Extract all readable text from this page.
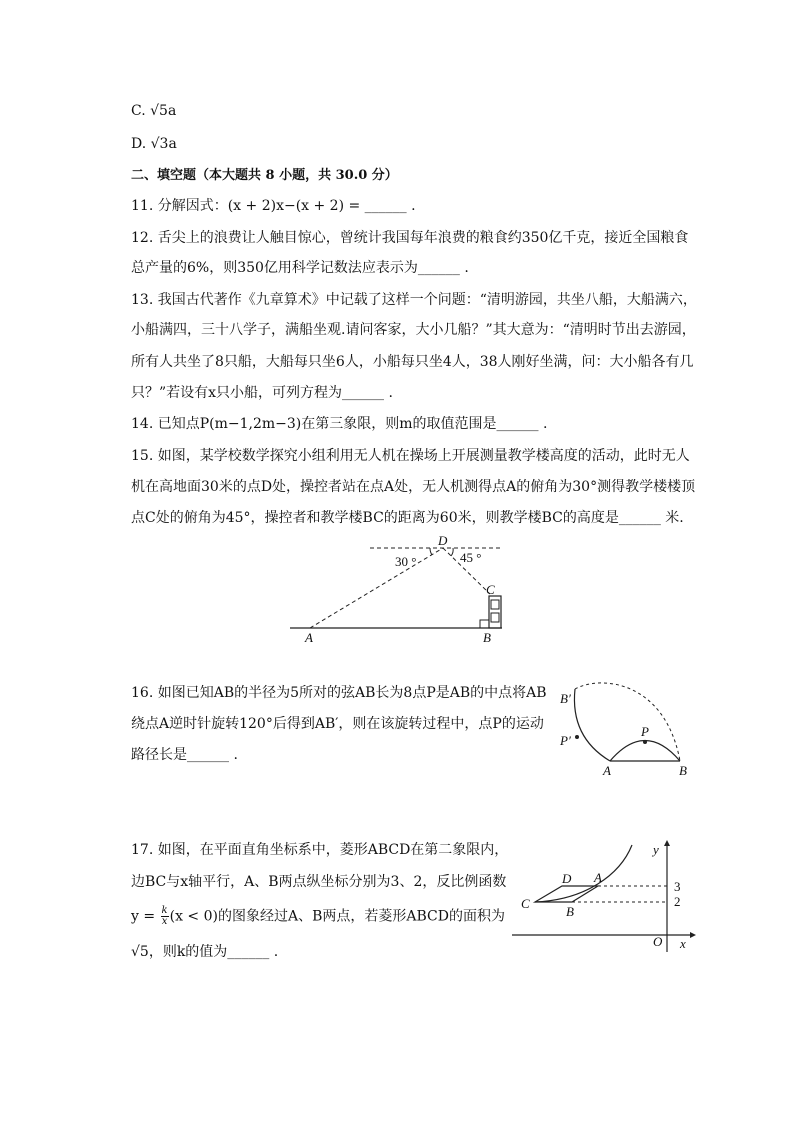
C. √5a
D. √3a
二、填空题（本大题共 8 小题，共 30.0 分）
11. 分解因式：(x + 2)x−(x + 2) = ______ .
12. 舌尖上的浪费让人触目惊心，曾统计我国每年浪费的粮食约350亿千克，接近全国粮食
总产量的6%，则350亿用科学记数法应表示为______ .
13. 我国古代著作《九章算术》中记载了这样一个问题：“清明游园，共坐八船，大船满六，
小船满四，三十八学子，满船坐观.请问客家，大小几船？”其大意为：“清明时节出去游园，
所有人共坐了8只船，大船每只坐6人，小船每只坐4人，38人刚好坐满，问：大小船各有几
只？”若设有x只小船，可列方程为______ .
14. 已知点P(m−1,2m−3)在第三象限，则m的取值范围是______ .
15. 如图，某学校数学探究小组利用无人机在操场上开展测量教学楼高度的活动，此时无人
机在高地面30米的点D处，操控者站在点A处，无人机测得点A的俯角为30°测得教学楼楼顶
点C处的俯角为45°，操控者和教学楼BC的距离为60米，则教学楼BC的高度是______ 米.
D
30 °	45 °
C
A	B
16. 如图已知AB的半径为5所对的弦AB长为8点P是AB的中点将AB
绕点A逆时针旋转120°后得到AB′，则在该旋转过程中，点P的运动
路径长是______ .
B′
P′
P
A	B
17. 如图，在平面直角坐标系中，菱形ABCD在第二象限内，
边BC与x轴平行，A、B两点纵坐标分别为3、2，反比例函数
$y = \frac{k}{x} (x < 0)$的图象经过A、B两点，若菱形ABCD的面积为
√5，则k的值为______ .
D A
C
B
3
2
O x
y
